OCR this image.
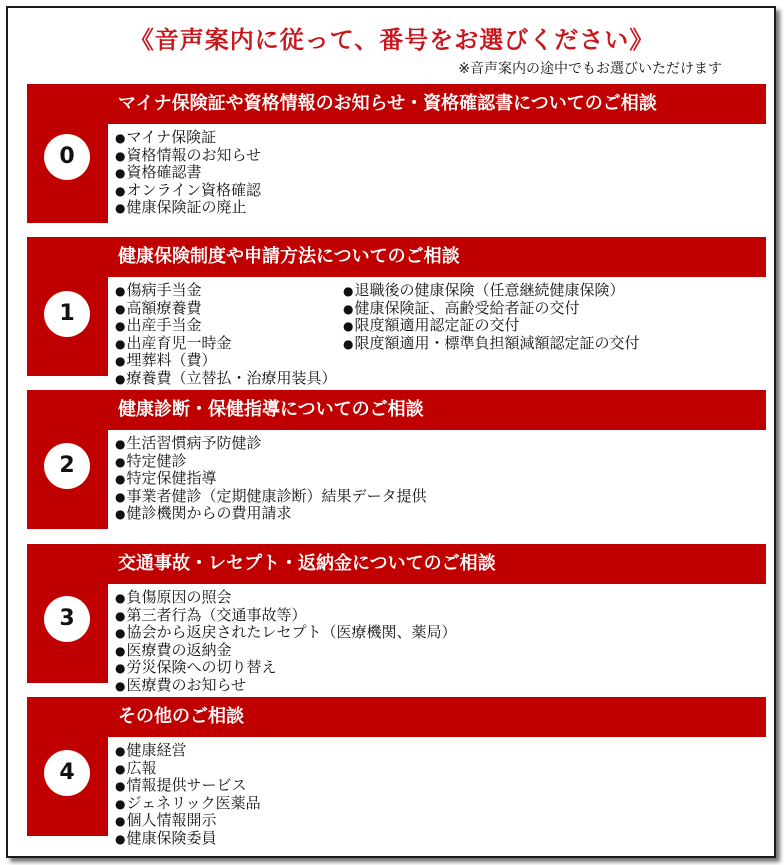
《音声案内に従って、番号をお選びください》
※音声案内の途中でもお選びいただけます
マイナ保険証や資格情報のお知らせ・資格確認書についてのご相談
0
●マイナ保険証
●資格情報のお知らせ
●資格確認書
●オンライン資格確認
●健康保険証の廃止
健康保険制度や申請方法についてのご相談
1
●傷病手当金
●高額療養費
●出産手当金
●出産育児一時金
●埋葬料（費）
●療養費（立替払・治療用装具）
●退職後の健康保険（任意継続健康保険）
●健康保険証、高齢受給者証の交付
●限度額適用認定証の交付
●限度額適用・標準負担額減額認定証の交付
健康診断・保健指導についてのご相談
2
●生活習慣病予防健診
●特定健診
●特定保健指導
●事業者健診（定期健康診断）結果データ提供
●健診機関からの費用請求
交通事故・レセプト・返納金についてのご相談
3
●負傷原因の照会
●第三者行為（交通事故等）
●協会から返戻されたレセプト（医療機関、薬局）
●医療費の返納金
●労災保険への切り替え
●医療費のお知らせ
その他のご相談
4
●健康経営
●広報
●情報提供サービス
●ジェネリック医薬品
●個人情報開示
●健康保険委員
